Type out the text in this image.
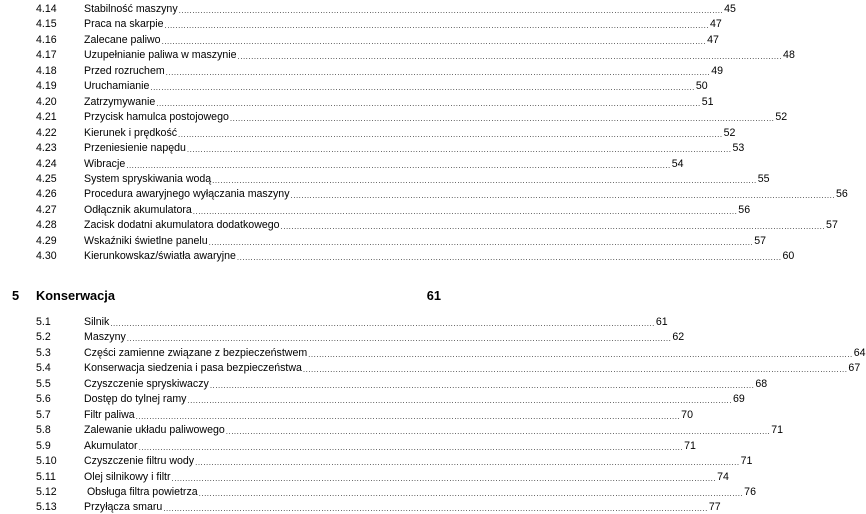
4.14	Stabilność maszyny ........................................................................................................................................................................................................ 45
4.15	Praca na skarpie ........................................................................................................................................................................................................ 47
4.16	Zalecane paliwo ........................................................................................................................................................................................................ 47
4.17	Uzupełnianie paliwa w maszynie ........................................................................................................................................................................................................ 48
4.18	Przed rozruchem ........................................................................................................................................................................................................ 49
4.19	Uruchamianie ........................................................................................................................................................................................................ 50
4.20	Zatrzymywanie ........................................................................................................................................................................................................ 51
4.21	Przycisk hamulca postojowego ........................................................................................................................................................................................................ 52
4.22	Kierunek i prędkość ........................................................................................................................................................................................................ 52
4.23	Przeniesienie napędu ........................................................................................................................................................................................................ 53
4.24	Wibracje ........................................................................................................................................................................................................ 54
4.25	System spryskiwania wodą ........................................................................................................................................................................................................ 55
4.26	Procedura awaryjnego wyłączania maszyny ........................................................................................................................................................................................................ 56
4.27	Odłącznik akumulatora ........................................................................................................................................................................................................ 56
4.28	Zacisk dodatni akumulatora dodatkowego ........................................................................................................................................................................................................ 57
4.29	Wskaźniki świetlne panelu ........................................................................................................................................................................................................ 57
4.30	Kierunkowskaz/światła awaryjne ........................................................................................................................................................................................................ 60
5	Konserwacja	61
5.1	Silnik ........................................................................................................................................................................................................ 61
5.2	Maszyny ........................................................................................................................................................................................................ 62
5.3	Części zamienne związane z bezpieczeństwem ........................................................................................................................................................................................................ 64
5.4	Konserwacja siedzenia i pasa bezpieczeństwa ........................................................................................................................................................................................................ 67
5.5	Czyszczenie spryskiwaczy ........................................................................................................................................................................................................ 68
5.6	Dostęp do tylnej ramy ........................................................................................................................................................................................................ 69
5.7	Filtr paliwa ........................................................................................................................................................................................................ 70
5.8	Zalewanie układu paliwowego ........................................................................................................................................................................................................ 71
5.9	Akumulator ........................................................................................................................................................................................................ 71
5.10	Czyszczenie filtru wody ........................................................................................................................................................................................................ 71
5.11	Olej silnikowy i filtr ........................................................................................................................................................................................................ 74
5.12	Obsługa filtra powietrza ........................................................................................................................................................................................................ 76
5.13	Przyłącza smaru ........................................................................................................................................................................................................ 77
